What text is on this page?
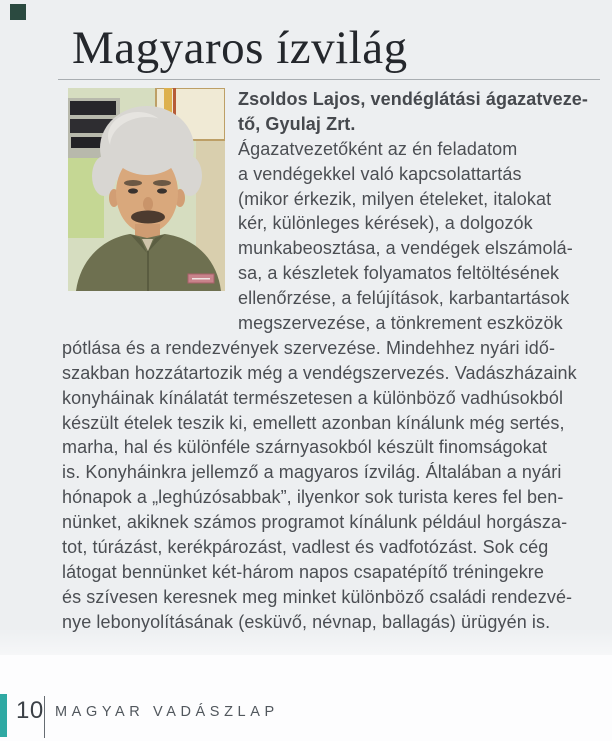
Magyaros ízvilág
Zsoldos Lajos, vendéglátási ágazatveze-
tő, Gyulaj Zrt.
Ágazatvezetőként az én feladatom
a vendégekkel való kapcsolattartás
(mikor érkezik, milyen ételeket, italokat
kér, különleges kérések), a dolgozók
munkabeosztása, a vendégek elszámolá-
sa, a készletek folyamatos feltöltésének
ellenőrzése, a felújítások, karbantartások
megszervezése, a tönkrement eszközök
pótlása és a rendezvények szervezése. Mindehhez nyári idő-
szakban hozzátartozik még a vendégszervezés. Vadászházaink
konyháinak kínálatát természetesen a különböző vadhúsokból
készült ételek teszik ki, emellett azonban kínálunk még sertés,
marha, hal és különféle szárnyasokból készült finomságokat
is. Konyháinkra jellemző a magyaros ízvilág. Általában a nyári
hónapok a „leghúzósabbak”, ilyenkor sok turista keres fel ben-
nünket, akiknek számos programot kínálunk például horgásza-
tot, túrázást, kerékpározást, vadlest és vadfotózást. Sok cég
látogat bennünket két-három napos csapatépítő tréningekre
és szívesen keresnek meg minket különböző családi rendezvé-
nye lebonyolításának (esküvő, névnap, ballagás) ürügyén is.
10 MAGYAR VADÁSZLAP
